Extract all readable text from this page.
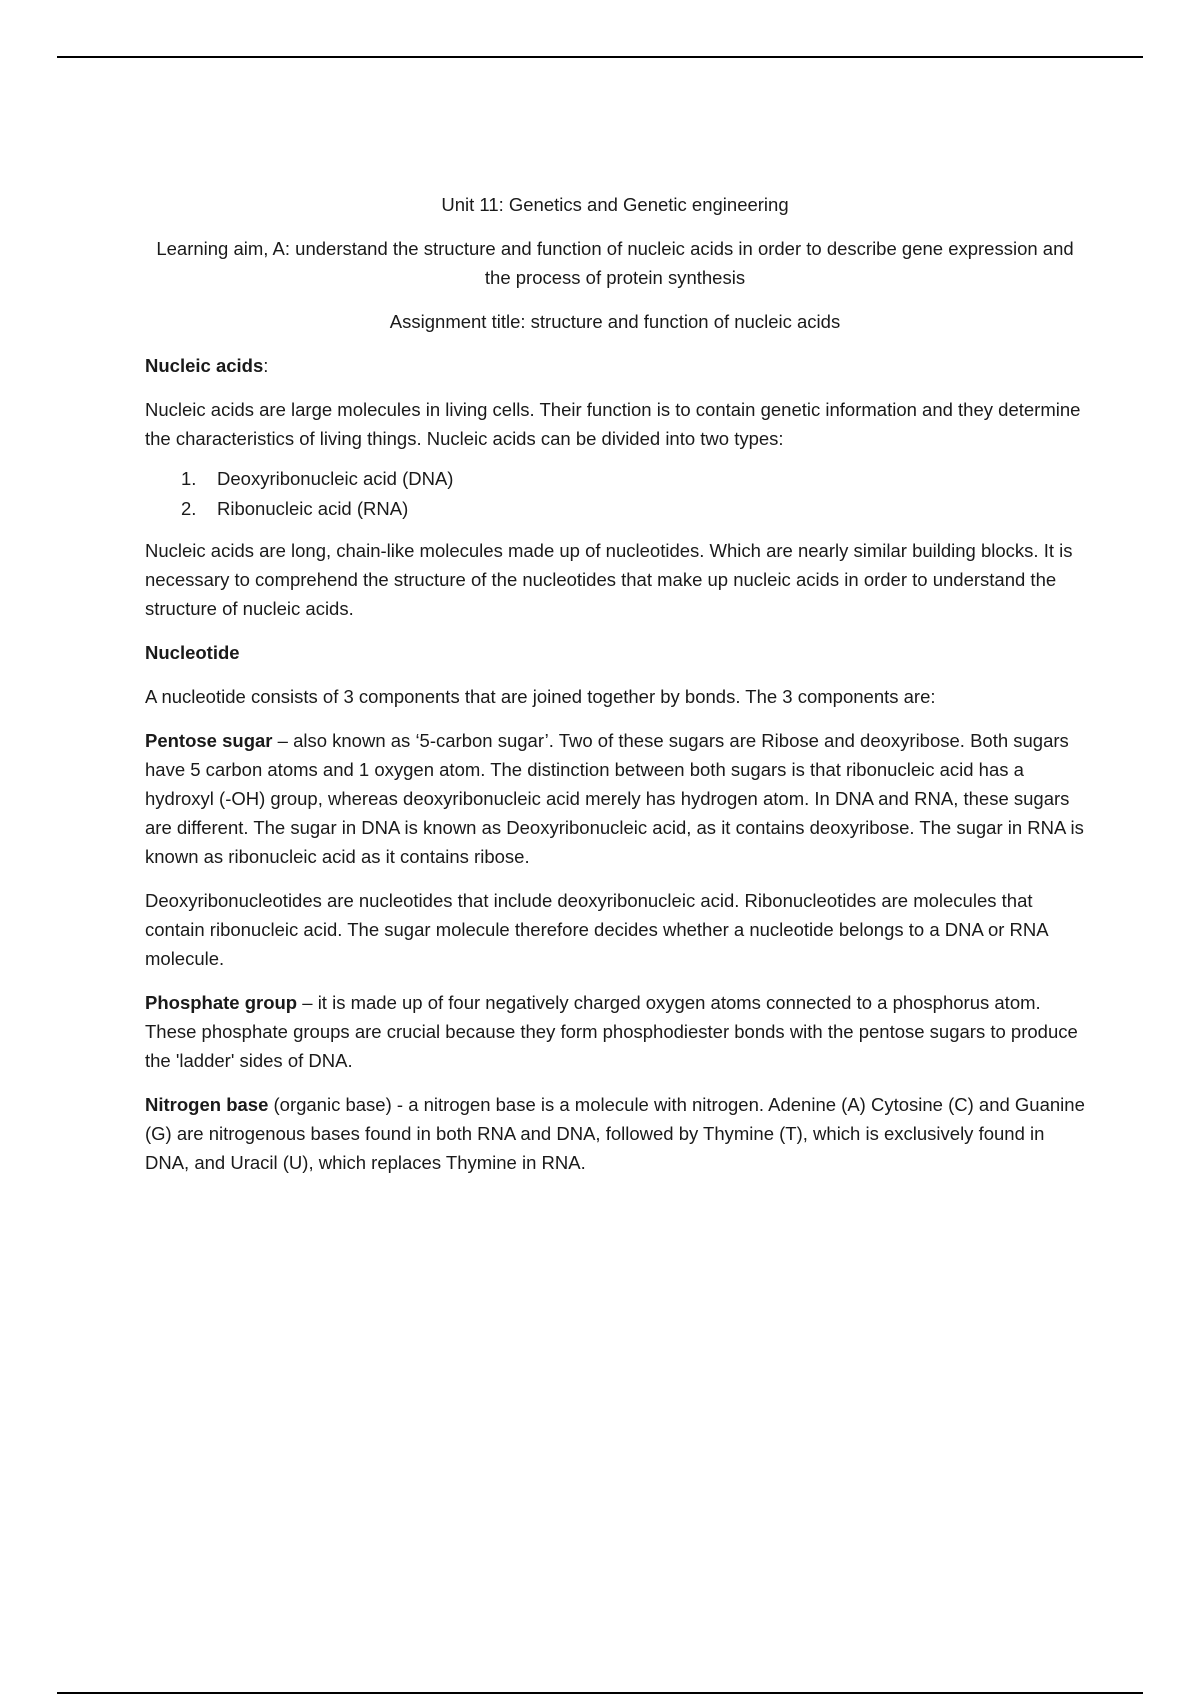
Unit 11: Genetics and Genetic engineering

Learning aim, A: understand the structure and function of nucleic acids in order to describe gene expression and the process of protein synthesis

Assignment title: structure and function of nucleic acids

Nucleic acids:

Nucleic acids are large molecules in living cells. Their function is to contain genetic information and they determine the characteristics of living things. Nucleic acids can be divided into two types:

1. Deoxyribonucleic acid (DNA)
2. Ribonucleic acid (RNA)

Nucleic acids are long, chain-like molecules made up of nucleotides. Which are nearly similar building blocks. It is necessary to comprehend the structure of the nucleotides that make up nucleic acids in order to understand the structure of nucleic acids.

Nucleotide

A nucleotide consists of 3 components that are joined together by bonds. The 3 components are:

Pentose sugar – also known as ‘5-carbon sugar’. Two of these sugars are Ribose and deoxyribose. Both sugars have 5 carbon atoms and 1 oxygen atom. The distinction between both sugars is that ribonucleic acid has a hydroxyl (-OH) group, whereas deoxyribonucleic acid merely has hydrogen atom. In DNA and RNA, these sugars are different. The sugar in DNA is known as Deoxyribonucleic acid, as it contains deoxyribose. The sugar in RNA is known as ribonucleic acid as it contains ribose.

Deoxyribonucleotides are nucleotides that include deoxyribonucleic acid. Ribonucleotides are molecules that contain ribonucleic acid. The sugar molecule therefore decides whether a nucleotide belongs to a DNA or RNA molecule.

Phosphate group – it is made up of four negatively charged oxygen atoms connected to a phosphorus atom. These phosphate groups are crucial because they form phosphodiester bonds with the pentose sugars to produce the 'ladder' sides of DNA.

Nitrogen base (organic base) - a nitrogen base is a molecule with nitrogen. Adenine (A) Cytosine (C) and Guanine (G) are nitrogenous bases found in both RNA and DNA, followed by Thymine (T), which is exclusively found in DNA, and Uracil (U), which replaces Thymine in RNA.
